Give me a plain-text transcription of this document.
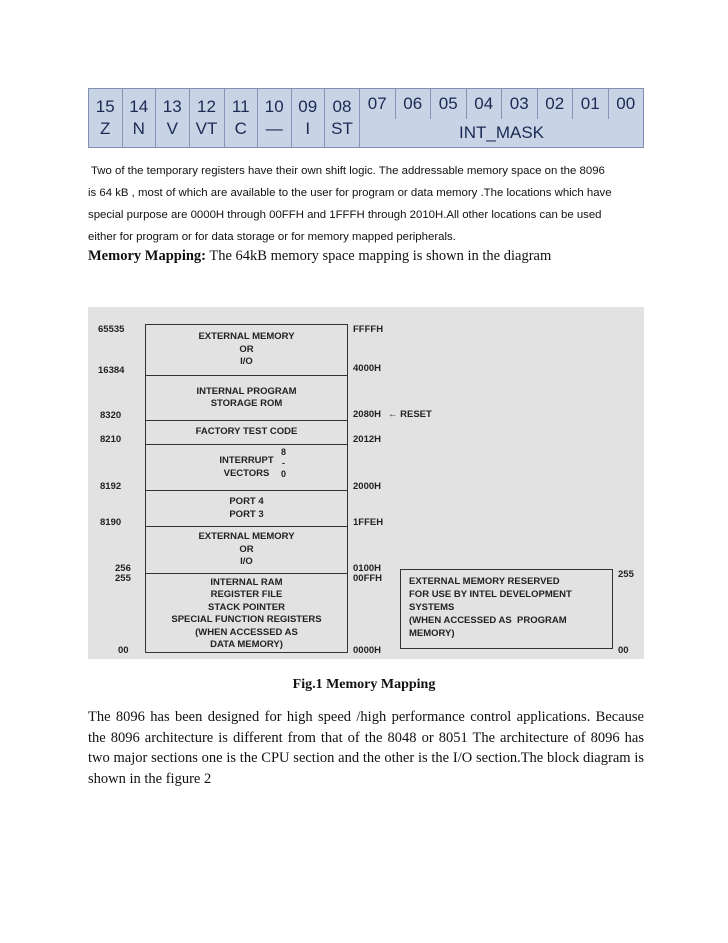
15
Z
14
N
13
V
12
VT
11
C
10
—
09
I
08
ST
07 06 05 04 03 02 01 00
INT_MASK
Two of the temporary registers have their own shift logic. The addressable memory space on the 8096
is 64 kB , most of which are available to the user for program or data memory .The locations which have
special purpose are 0000H through 00FFH and 1FFFH through 2010H.All other locations can be used
either for program or for data storage or for memory mapped peripherals.
Memory Mapping: The 64kB memory space mapping is shown in the diagram
65535
16384
8320
8210
8192
8190
256
255
00
EXTERNAL MEMORY
OR
I/O
INTERNAL PROGRAM
STORAGE ROM
FACTORY TEST CODE
INTERRUPT
VECTORS
PORT 4
PORT 3
EXTERNAL MEMORY
OR
I/O
INTERNAL RAM
REGISTER FILE
STACK POINTER
SPECIAL FUNCTION REGISTERS
(WHEN ACCESSED AS
DATA MEMORY)
8
-
0
FFFFH
4000H
2080H ← RESET
2012H
2000H
1FFEH
0100H
00FFH
0000H
EXTERNAL MEMORY RESERVED
FOR USE BY INTEL DEVELOPMENT
SYSTEMS
(WHEN ACCESSED AS  PROGRAM
MEMORY)
255
00
Fig.1 Memory Mapping
The 8096 has been designed for high speed /high performance control applications. Because the 8096 architecture is different from that of the 8048 or 8051 The architecture of 8096 has two major sections one is the CPU section and the other is the I/O section.The block diagram is shown in the figure 2
